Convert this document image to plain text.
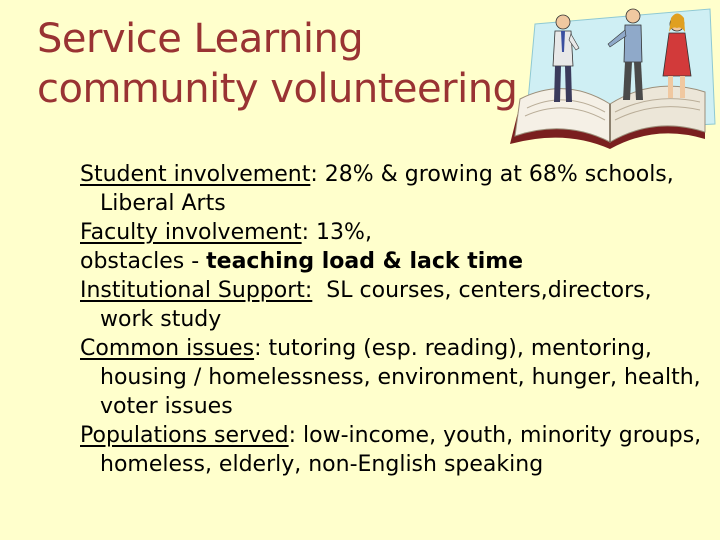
Service Learning
community volunteering

Student involvement: 28% & growing at 68% schools, Liberal Arts

Faculty involvement: 13%,

obstacles - teaching load & lack time

Institutional Support:  SL courses, centers,directors, work study

Common issues: tutoring (esp. reading), mentoring, housing / homelessness, environment, hunger, health, voter issues

Populations served: low-income, youth, minority groups, homeless, elderly, non-English speaking
